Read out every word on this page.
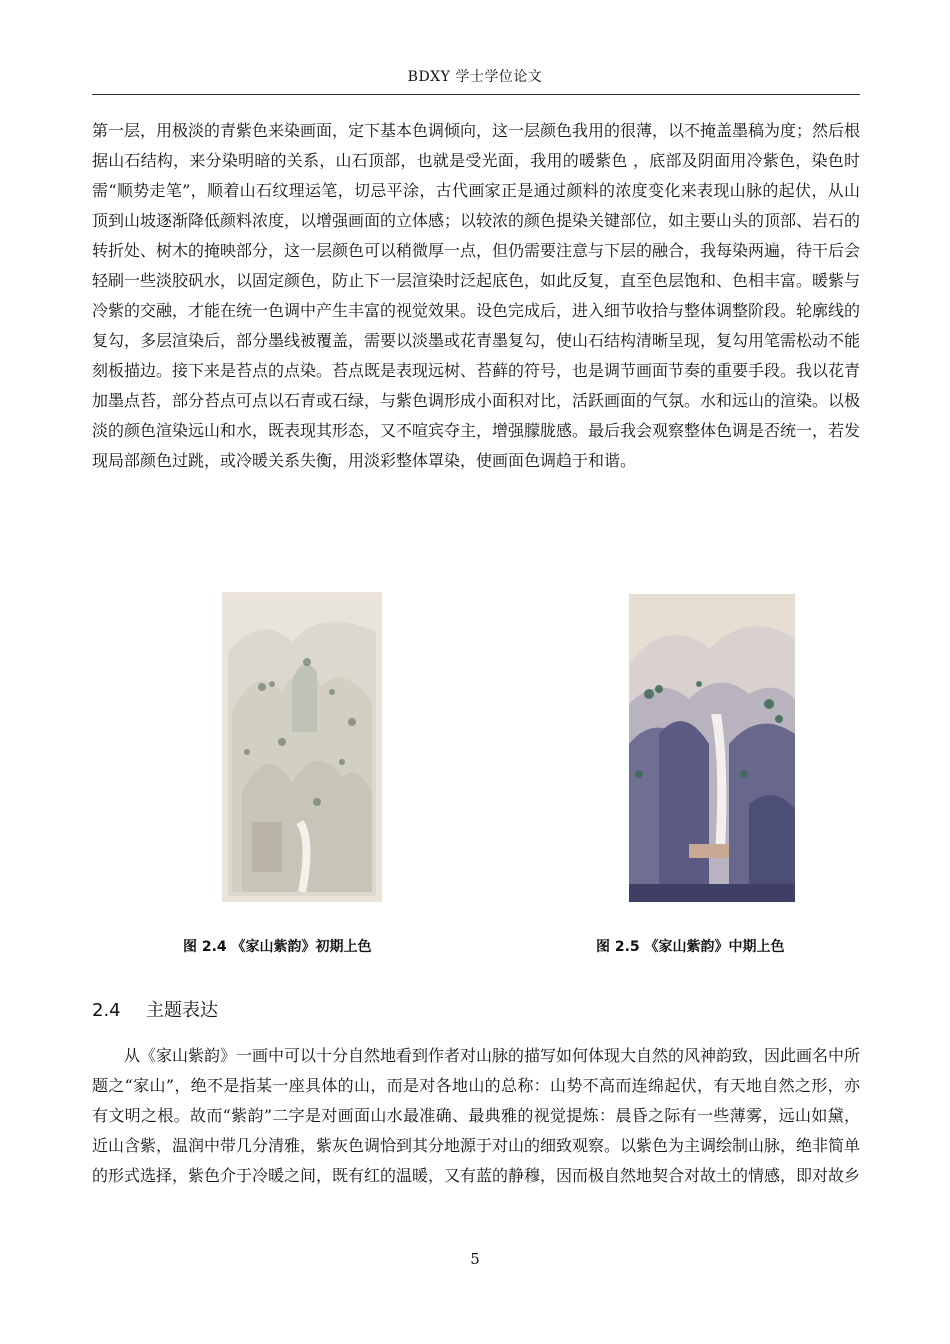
BDXY 学士学位论文

第一层，用极淡的青紫色来染画面，定下基本色调倾向，这一层颜色我用的很薄，以不掩盖墨稿为度；然后根据山石结构，来分染明暗的关系，山石顶部，也就是受光面，我用的暖紫色 ，底部及阴面用冷紫色，染色时需“顺势走笔”，顺着山石纹理运笔，切忌平涂，古代画家正是通过颜料的浓度变化来表现山脉的起伏，从山顶到山坡逐渐降低颜料浓度，以增强画面的立体感；以较浓的颜色提染关键部位，如主要山头的顶部、岩石的转折处、树木的掩映部分，这一层颜色可以稍微厚一点，但仍需要注意与下层的融合，我每染两遍，待干后会轻刷一些淡胶矾水，以固定颜色，防止下一层渲染时泛起底色，如此反复，直至色层饱和、色相丰富。暖紫与冷紫的交融，才能在统一色调中产生丰富的视觉效果。设色完成后，进入细节收拾与整体调整阶段。轮廓线的复勾，多层渲染后，部分墨线被覆盖，需要以淡墨或花青墨复勾，使山石结构清晰呈现，复勾用笔需松动不能刻板描边。接下来是苔点的点染。苔点既是表现远树、苔藓的符号，也是调节画面节奏的重要手段。我以花青加墨点苔，部分苔点可点以石青或石绿，与紫色调形成小面积对比，活跃画面的气氛。水和远山的渲染。以极淡的颜色渲染远山和水，既表现其形态，又不喧宾夺主，增强朦胧感。最后我会观察整体色调是否统一，若发现局部颜色过跳，或冷暖关系失衡，用淡彩整体罩染，使画面色调趋于和谐。

图 2.4 《家山紫韵》初期上色	图 2.5 《家山紫韵》中期上色
2.4 主题表达

从《家山紫韵》一画中可以十分自然地看到作者对山脉的描写如何体现大自然的风神韵致，因此画名中所题之“家山”，绝不是指某一座具体的山，而是对各地山的总称：山势不高而连绵起伏，有天地自然之形，亦有文明之根。故而“紫韵”二字是对画面山水最准确、最典雅的视觉提炼：晨昏之际有一些薄雾，远山如黛，近山含紫，温润中带几分清雅，紫灰色调恰到其分地源于对山的细致观察。以紫色为主调绘制山脉，绝非简单的形式选择，紫色介于冷暖之间，既有红的温暖，又有蓝的静穆，因而极自然地契合对故土的情感，即对故乡

5
